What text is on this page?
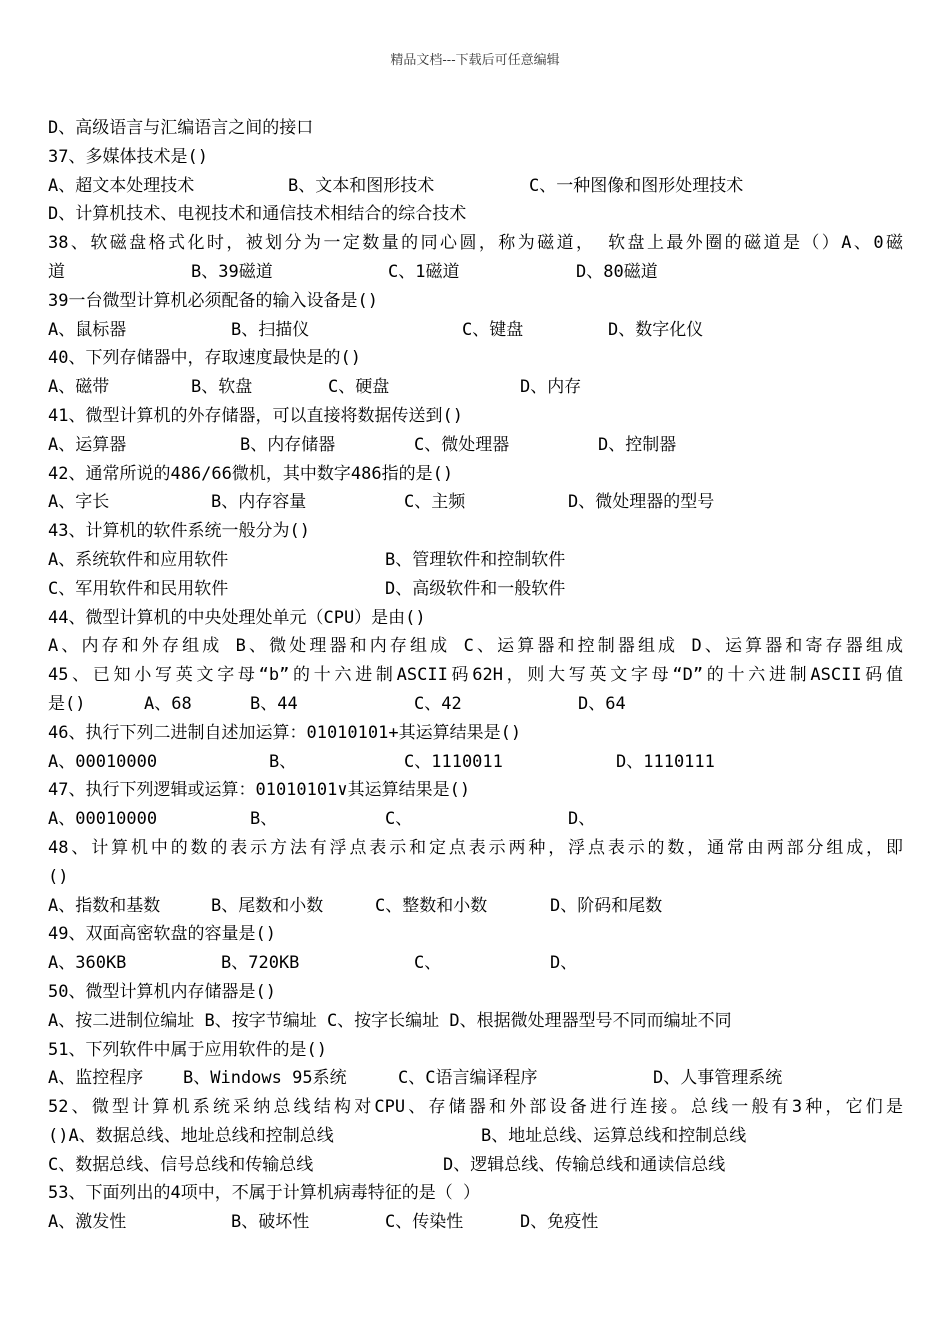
精品文档---下载后可任意编辑
D、高级语言与汇编语言之间的接口
37、多媒体技术是()
A、超文本处理技术	B、文本和图形技术	C、一种图像和图形处理技术
D、计算机技术、电视技术和通信技术相结合的综合技术
38、软磁盘格式化时，被划分为一定数量的同心圆，称为磁道， 软盘上最外圈的磁道是（）A、0磁
道	B、39磁道	C、1磁道	D、80磁道
39一台微型计算机必须配备的输入设备是()
A、鼠标器	B、扫描仪	C、键盘	D、数字化仪
40、下列存储器中，存取速度最快是的()
A、磁带	B、软盘	C、硬盘	D、内存
41、微型计算机的外存储器，可以直接将数据传送到()
A、运算器	B、内存储器	C、微处理器	D、控制器
42、通常所说的486/66微机，其中数字486指的是()
A、字长	B、内存容量	C、主频	D、微处理器的型号
43、计算机的软件系统一般分为()
A、系统软件和应用软件	B、管理软件和控制软件
C、军用软件和民用软件	D、高级软件和一般软件
44、微型计算机的中央处理处单元（CPU）是由()
A、内存和外存组成 B、微处理器和内存组成 C、运算器和控制器组成 D、运算器和寄存器组成
45、已知小写英文字母“b”的十六进制ASCII码62H，则大写英文字母“D”的十六进制ASCII码值
是()	A、68	B、44	C、42	D、64
46、执行下列二进制自述加运算：01010101+其运算结果是()
A、00010000	B、	C、1110011	D、1110111
47、执行下列逻辑或运算：01010101∨其运算结果是()
A、00010000	B、	C、	D、
48、计算机中的数的表示方法有浮点表示和定点表示两种，浮点表示的数，通常由两部分组成，即
()
A、指数和基数	B、尾数和小数	C、整数和小数	D、阶码和尾数
49、双面高密软盘的容量是()
A、360KB	B、720KB	C、	D、
50、微型计算机内存储器是()
A、按二进制位编址 B、按字节编址 C、按字长编址 D、根据微处理器型号不同而编址不同
51、下列软件中属于应用软件的是()
A、监控程序 B、Windows 95系统	C、C语言编译程序	D、人事管理系统
52、微型计算机系统采纳总线结构对CPU、存储器和外部设备进行连接。总线一般有3种，它们是
()A、数据总线、地址总线和控制总线	B、地址总线、运算总线和控制总线
C、数据总线、信号总线和传输总线	D、逻辑总线、传输总线和通读信总线
53、下面列出的4项中，不属于计算机病毒特征的是（ ）
A、激发性	B、破坏性	C、传染性	D、免疫性
